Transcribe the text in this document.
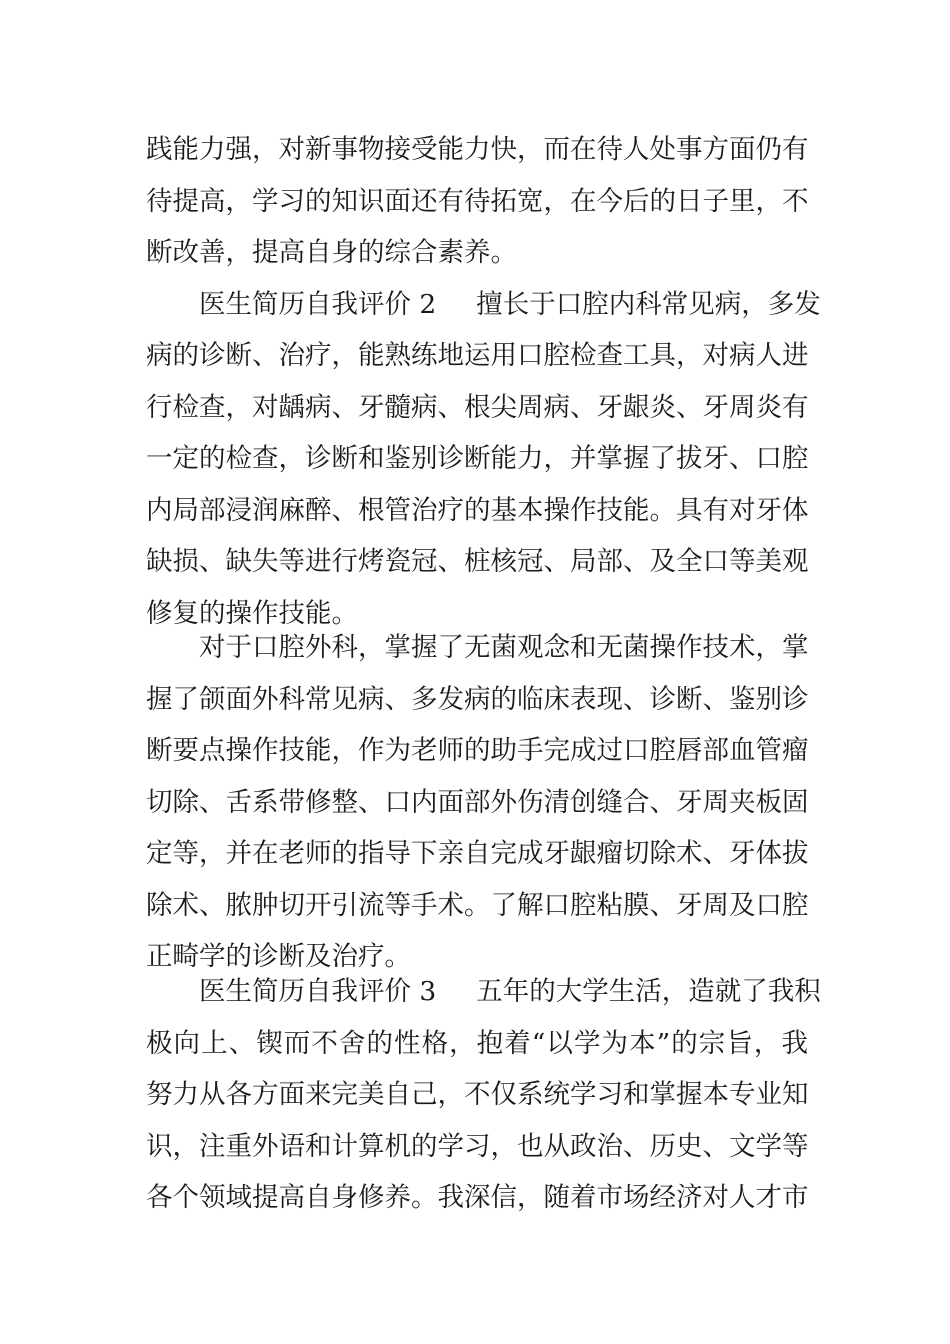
践能力强，对新事物接受能力快，而在待人处事方面仍有
待提高，学习的知识面还有待拓宽，在今后的日子里，不
断改善，提高自身的综合素养。
医生简历自我评价 2 擅长于口腔内科常见病，多发
病的诊断、治疗，能熟练地运用口腔检查工具，对病人进
行检查，对龋病、牙髓病、根尖周病、牙龈炎、牙周炎有
一定的检查，诊断和鉴别诊断能力，并掌握了拔牙、口腔
内局部浸润麻醉、根管治疗的基本操作技能。具有对牙体
缺损、缺失等进行烤瓷冠、桩核冠、局部、及全口等美观
修复的操作技能。
对于口腔外科，掌握了无菌观念和无菌操作技术，掌
握了颌面外科常见病、多发病的临床表现、诊断、鉴别诊
断要点操作技能，作为老师的助手完成过口腔唇部血管瘤
切除、舌系带修整、口内面部外伤清创缝合、牙周夹板固
定等，并在老师的指导下亲自完成牙龈瘤切除术、牙体拔
除术、脓肿切开引流等手术。了解口腔粘膜、牙周及口腔
正畸学的诊断及治疗。
医生简历自我评价 3 五年的大学生活，造就了我积
极向上、锲而不舍的性格，抱着“以学为本”的宗旨，我
努力从各方面来完美自己，不仅系统学习和掌握本专业知
识，注重外语和计算机的学习，也从政治、历史、文学等
各个领域提高自身修养。我深信，随着市场经济对人才市
